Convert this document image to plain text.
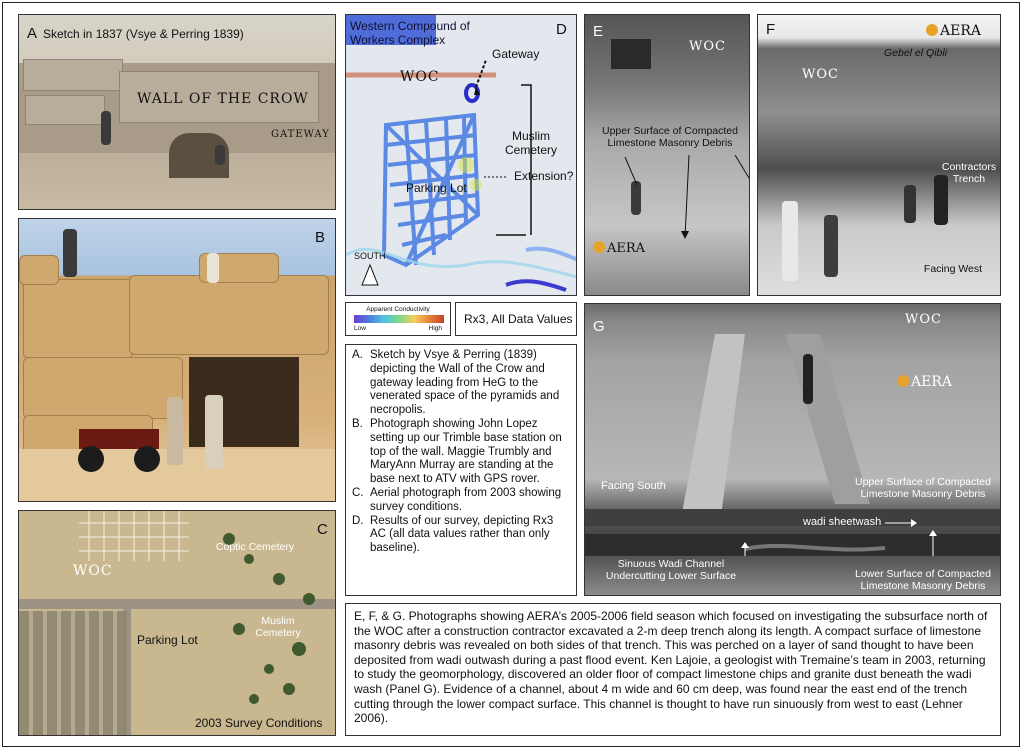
A Sketch in 1837 (Vsye & Perring 1839)
WALL OF THE CROW
GATEWAY
B
WOC
Coptic Cemetery
Muslim Cemetery
Parking Lot
2003 Survey Conditions
C
Western Compound of Workers Complex
D
Gateway
WOC
Muslim Cemetery
Parking Lot
Extension?
SOUTH
Apparent Conductivity
Low	High
Rx3, All Data Values
A. Sketch by Vsye & Perring (1839) depicting the Wall of the Crow and gateway leading from HeG to the venerated space of the pyramids and necropolis.
B. Photograph showing John Lopez setting up our Trimble base station on top of the wall. Maggie Trumbly and MaryAnn Murray are standing at the base next to ATV with GPS rover.
C. Aerial photograph from 2003 showing survey conditions.
D. Results of our survey, depicting Rx3 AC (all data values rather than only baseline).
E
WOC
Upper Surface of Compacted Limestone Masonry Debris
AERA
F	AERA
Gebel el Qibli
WOC
Contractors Trench
Facing West
G	WOC
AERA
Facing South	Upper Surface of Compacted Limestone Masonry Debris
wadi sheetwash
Sinuous Wadi Channel Undercutting Lower Surface	Lower Surface of Compacted Limestone Masonry Debris
E, F, & G. Photographs showing AERA’s 2005-2006 field season which focused on investigating the subsurface north of the WOC after a construction contractor excavated a 2-m deep trench along its length. A compact surface of limestone masonry debris was revealed on both sides of that trench. This was perched on a layer of sand thought to have been deposited from wadi outwash during a past flood event. Ken Lajoie, a geologist with Tremaine’s team in 2003, returning to study the geomorphology, discovered an older floor of compact limestone chips and granite dust beneath the wadi wash (Panel G). Evidence of a channel, about 4 m wide and 60 cm deep, was found near the east end of the trench cutting through the lower compact surface. This channel is thought to have run sinuously from west to east (Lehner 2006).
